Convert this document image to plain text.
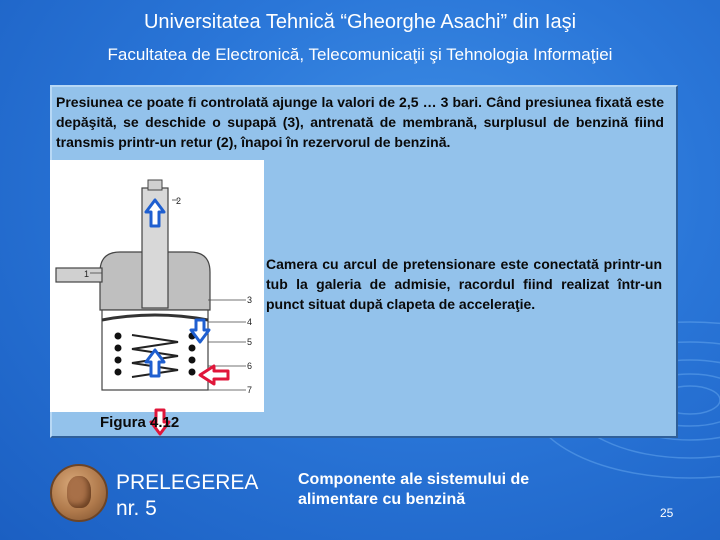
Universitatea Tehnică “Gheorghe Asachi” din Iaşi
Facultatea de Electronică, Telecomunicaţii şi Tehnologia Informaţiei
Presiunea ce poate fi controlată ajunge la valori de 2,5 … 3 bari. Când presiunea fixată este depăşită, se deschide o supapă (3), antrenată de membrană, surplusul de benzină fiind transmis printr-un retur (2), înapoi în rezervorul de benzină.
1
2
3
4
5
6
7
Camera cu arcul de pretensionare este conectată printr-un tub la galeria de admisie, racordul fiind realizat într-un punct situat după clapeta de acceleraţie.
Figura 4.12
PRELEGEREA
nr. 5
Componente ale sistemului de alimentare cu benzină
25
